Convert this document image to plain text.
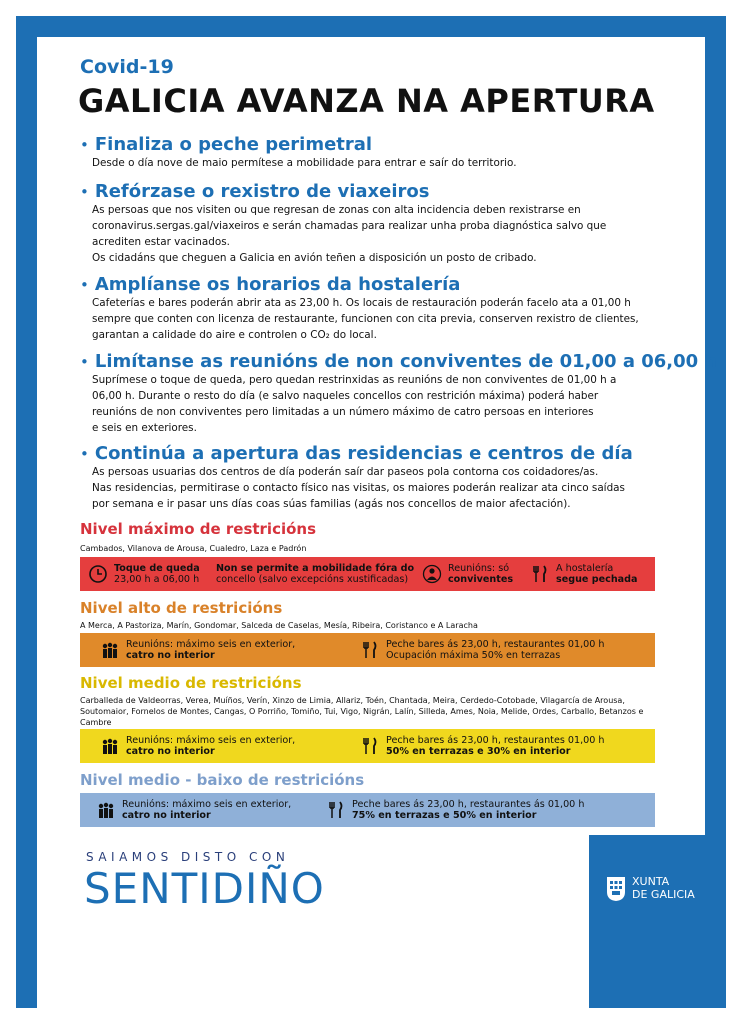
Covid-19
GALICIA AVANZA NA APERTURA
• Finaliza o peche perimetral

Desde o día nove de maio permítese a mobilidade para entrar e saír do territorio.

• Refórzase o rexistro de viaxeiros

As persoas que nos visiten ou que regresan de zonas con alta incidencia deben rexistrarse en

coronavirus.sergas.gal/viaxeiros e serán chamadas para realizar unha proba diagnóstica salvo que

acrediten estar vacinados.

Os cidadáns que cheguen a Galicia en avión teñen a disposición un posto de cribado.

• Amplíanse os horarios da hostalería

Cafeterías e bares poderán abrir ata as 23,00 h. Os locais de restauración poderán facelo ata a 01,00 h

sempre que conten con licenza de restaurante, funcionen con cita previa, conserven rexistro de clientes,

garantan a calidade do aire e controlen o CO₂ do local.

• Limítanse as reunións de non conviventes de 01,00 a 06,00 h

Suprímese o toque de queda, pero quedan restrinxidas as reunións de non conviventes de 01,00 h a

06,00 h. Durante o resto do día (e salvo naqueles concellos con restrición máxima) poderá haber

reunións de non conviventes pero limitadas a un número máximo de catro persoas en interiores

e seis en exteriores.

• Continúa a apertura das residencias e centros de día

As persoas usuarias dos centros de día poderán saír dar paseos pola contorna cos coidadores/as.

Nas residencias, permitirase o contacto físico nas visitas, os maiores poderán realizar ata cinco saídas

por semana e ir pasar uns días coas súas familias (agás nos concellos de maior afectación).

Nivel máximo de restricións
Cambados, Vilanova de Arousa, Cualedro, Laza e Padrón
Toque de queda
23,00 h a 06,00 h
Non se permite a mobilidade fóra do
concello (salvo excepcións xustificadas)
Reunións: só
conviventes
A hostalería
segue pechada
Nivel alto de restricións
A Merca, A Pastoriza, Marín, Gondomar, Salceda de Caselas, Mesía, Ribeira, Coristanco e A Laracha
Reunións: máximo seis en exterior,
catro no interior
Peche bares ás 23,00 h, restaurantes 01,00 h
Ocupación máxima 50% en terrazas
Nivel medio de restricións
Carballeda de Valdeorras, Verea, Muíños, Verín, Xinzo de Limia, Allariz, Toén, Chantada, Meira, Cerdedo-Cotobade, Vilagarcía de Arousa, Soutomaior, Fornelos de Montes, Cangas, O Porriño, Tomiño, Tui, Vigo, Nigrán, Lalín, Silleda, Ames, Noia, Melide, Ordes, Carballo, Betanzos e Cambre
Reunións: máximo seis en exterior,
catro no interior
Peche bares ás 23,00 h, restaurantes 01,00 h
50% en terrazas e 30% en interior
Nivel medio - baixo de restricións
Reunións: máximo seis en exterior,
catro no interior
Peche bares ás 23,00 h, restaurantes ás 01,00 h
75% en terrazas e 50% en interior
SAIAMOS DISTO CON
SENTIDIÑO	XUNTA
DE GALICIA
